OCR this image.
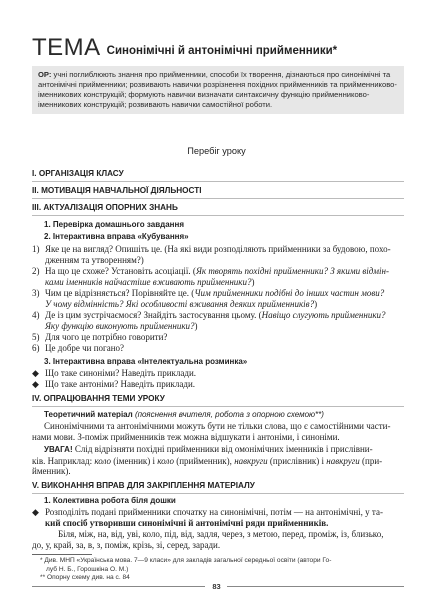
ТЕМА Синонімічні й антонімічні прийменники*
ОР: учні поглиблюють знання про прийменники, способи їх творення, дізнаються про синонімічні та антонімічні прийменники; розвивають навички розрізнення похідних прийменників та прийменниково-іменникових конструкцій; формують навички визначати синтаксичну функцію прийменниково-іменникових конструкцій; розвивають навички самостійної роботи.
Перебіг уроку
І. ОРГАНІЗАЦІЯ КЛАСУ
ІІ. МОТИВАЦІЯ НАВЧАЛЬНОЇ ДІЯЛЬНОСТІ
ІІІ. АКТУАЛІЗАЦІЯ ОПОРНИХ ЗНАНЬ
1. Перевірка домашнього завдання
2. Інтерактивна вправа «Кубування»
1) Яке це на вигляд? Опишіть це. (На які види розподіляють прийменники за будовою, похо-
дженням та утворенням?)
2) На що це схоже? Установіть асоціації. (Як творять похідні прийменники? З якими відмін-
ками іменників найчастіше вживають прийменники?)
3) Чим це відрізняється? Порівняйте це. (Чим прийменники подібні до інших частин мови?
У чому відмінність? Які особливості вживання деяких прийменників?)
4) Де із цим зустрічаємося? Знайдіть застосування цьому. (Навіщо слугують прийменники?
Яку функцію виконують прийменники?)
5) Для чого це потрібно говорити?
6) Це добре чи погано?
3. Інтерактивна вправа «Інтелектуальна розминка»
◆ Що таке синоніми? Наведіть приклади.
◆ Що таке антоніми? Наведіть приклади.
IV. ОПРАЦЮВАННЯ ТЕМИ УРОКУ
Теоретичний матеріал (пояснення вчителя, робота з опорною схемою**)
Синонімічними та антонімічними можуть бути не тільки слова, що є самостійними части-
нами мови. З-поміж прийменників теж можна відшукати і антоніми, і синоніми.
УВАГА! Слід відрізняти похідні прийменники від омонімічних іменників і прислівни-
ків. Наприклад: коло (іменник) і коло (прийменник), навкруги (прислівник) і навкруги (при-
йменник).
V. ВИКОНАННЯ ВПРАВ ДЛЯ ЗАКРІПЛЕННЯ МАТЕРІАЛУ
1. Колективна робота біля дошки
◆ Розподіліть подані прийменники спочатку на синонімічні, потім — на антонімічні, у та-
кий спосіб утворивши синонімічні й антонімічні ряди прийменників.
Біля, між, на, від, уві, коло, під, від, задля, через, з метою, перед, проміж, із, близько,
до, у, край, за, в, з, поміж, крізь, зі, серед, заради.
* Див. МНП «Українська мова. 7—9 класи» для закладів загальної середньої освіти (автори Го-
луб Н. Б., Горошкіна О. М.)
** Опорну схему див. на с. 84
83
